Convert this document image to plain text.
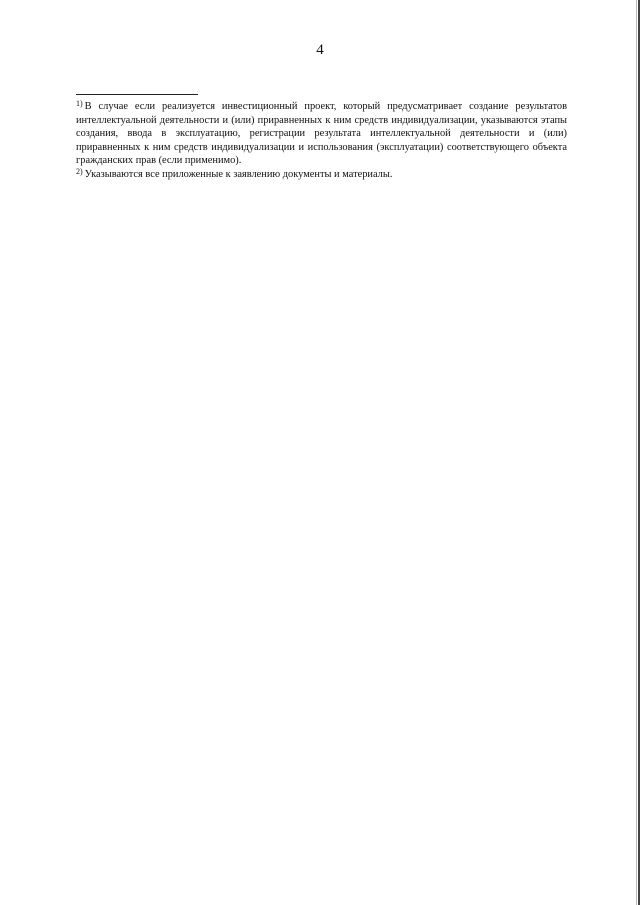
4

$^{1)}$ В случае если реализуется инвестиционный проект, который предусматривает создание результатов интеллектуальной деятельности и (или) приравненных к ним средств индивидуализации, указываются этапы создания, ввода в эксплуатацию, регистрации результата интеллектуальной деятельности и (или) приравненных к ним средств индивидуализации и использования (эксплуатации) соответствующего объекта гражданских прав (если применимо).

$^{2)}$ Указываются все приложенные к заявлению документы и материалы.
